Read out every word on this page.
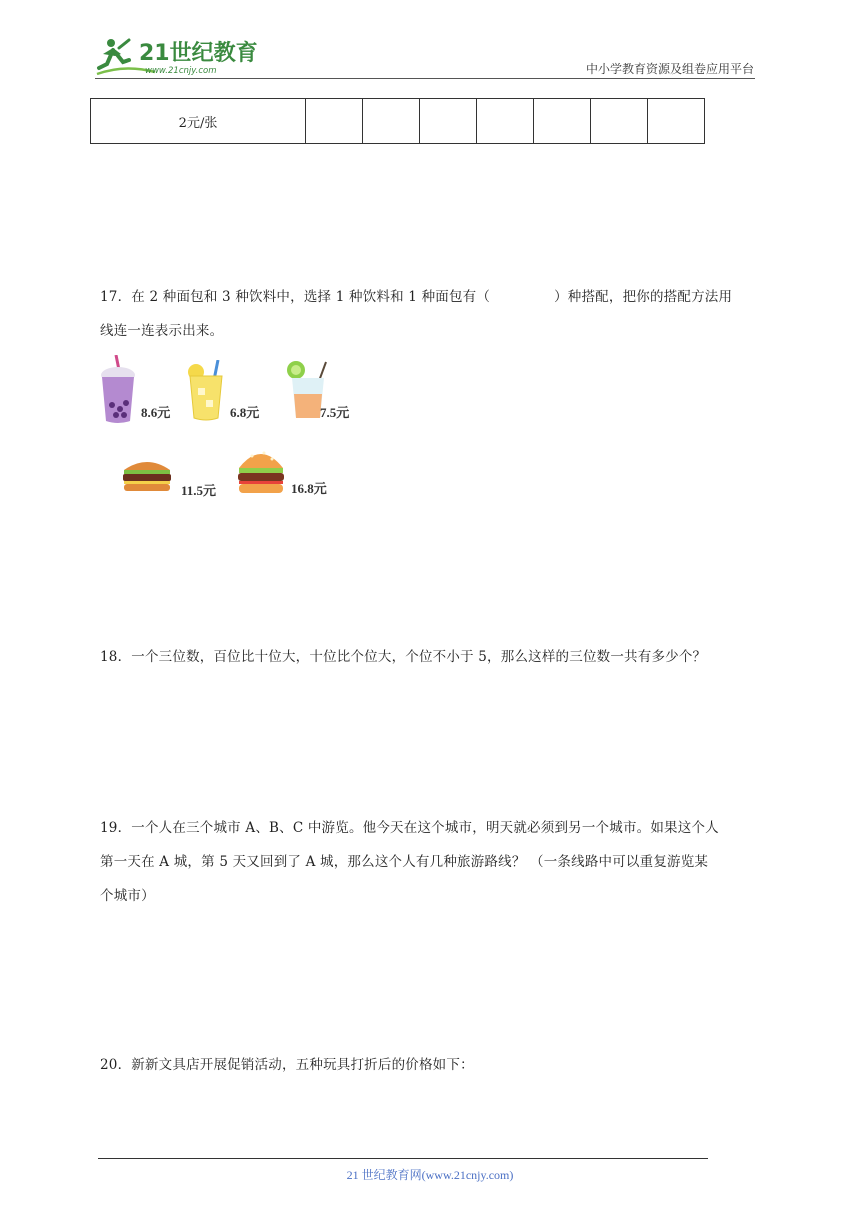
21世纪教育
www.21cnjy.com	中小学教育资源及组卷应用平台
2元/张							
17．在 2 种面包和 3 种饮料中，选择 1 种饮料和 1 种面包有（	）种搭配，把你的搭配方法用
线连一连表示出来。
8.6元	6.8元	7.5元
11.5元	16.8元
18．一个三位数，百位比十位大，十位比个位大，个位不小于 5，那么这样的三位数一共有多少个？
19．一个人在三个城市 A、B、C 中游览。他今天在这个城市，明天就必须到另一个城市。如果这个人
第一天在 A 城，第 5 天又回到了 A 城，那么这个人有几种旅游路线？ （一条线路中可以重复游览某
个城市）
20．新新文具店开展促销活动，五种玩具打折后的价格如下：
21 世纪教育网(www.21cnjy.com)
